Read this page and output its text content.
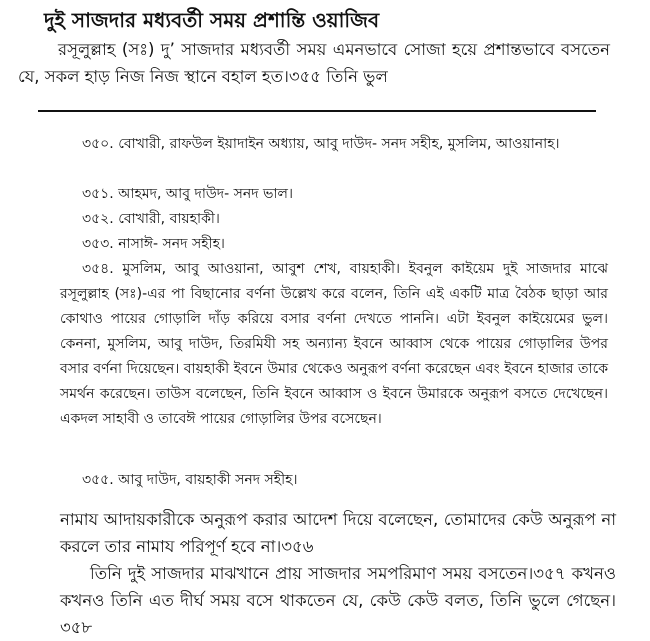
দুই সাজদার মধ্যবর্তী সময় প্রশান্তি ওয়াজিব
রসূলুল্লাহ (সঃ) দু’ সাজদার মধ্যবর্তী সময় এমনভাবে সোজা হয়ে প্রশান্তভাবে বসতেন যে, সকল হাড় নিজ নিজ স্থানে বহাল হত।৩৫৫ তিনি ভুল
৩৫০. বোখারী, রাফউল ইয়াদাইন অধ্যায়, আবু দাউদ- সনদ সহীহ, মুসলিম, আওয়ানাহ।
৩৫১. আহমদ, আবু দাউদ- সনদ ভাল।
৩৫২. বোখারী, বায়হাকী।
৩৫৩. নাসাঈ- সনদ সহীহ।
৩৫৪. মুসলিম, আবু আওয়ানা, আবুশ শেখ, বায়হাকী। ইবনুল কাইয়েম দুই সাজদার মাঝে রসূলুল্লাহ (সঃ)-এর পা বিছানোর বর্ণনা উল্লেখ করে বলেন, তিনি এই একটি মাত্র বৈঠক ছাড়া আর কোথাও পায়ের গোড়ালি দাঁড় করিয়ে বসার বর্ণনা দেখতে পাননি। এটা ইবনুল কাইয়েমের ভুল। কেননা, মুসলিম, আবু দাউদ, তিরমিযী সহ অন্যান্য ইবনে আব্বাস থেকে পায়ের গোড়ালির উপর বসার বর্ণনা দিয়েছেন। বায়হাকী ইবনে উমার থেকেও অনুরূপ বর্ণনা করেছেন এবং ইবনে হাজার তাকে সমর্থন করেছেন। তাউস বলেছেন, তিনি ইবনে আব্বাস ও ইবনে উমারকে অনুরূপ বসতে দেখেছেন। একদল সাহাবী ও তাবেঈ পায়ের গোড়ালির উপর বসেছেন।
৩৫৫. আবু দাউদ, বায়হাকী সনদ সহীহ।
নামায আদায়কারীকে অনুরূপ করার আদেশ দিয়ে বলেছেন, তোমাদের কেউ অনুরূপ না করলে তার নামায পরিপূর্ণ হবে না।৩৫৬
তিনি দুই সাজদার মাঝখানে প্রায় সাজদার সমপরিমাণ সময় বসতেন।৩৫৭ কখনও কখনও তিনি এত দীর্ঘ সময় বসে থাকতেন যে, কেউ কেউ বলত, তিনি ভুলে গেছেন।৩৫৮
